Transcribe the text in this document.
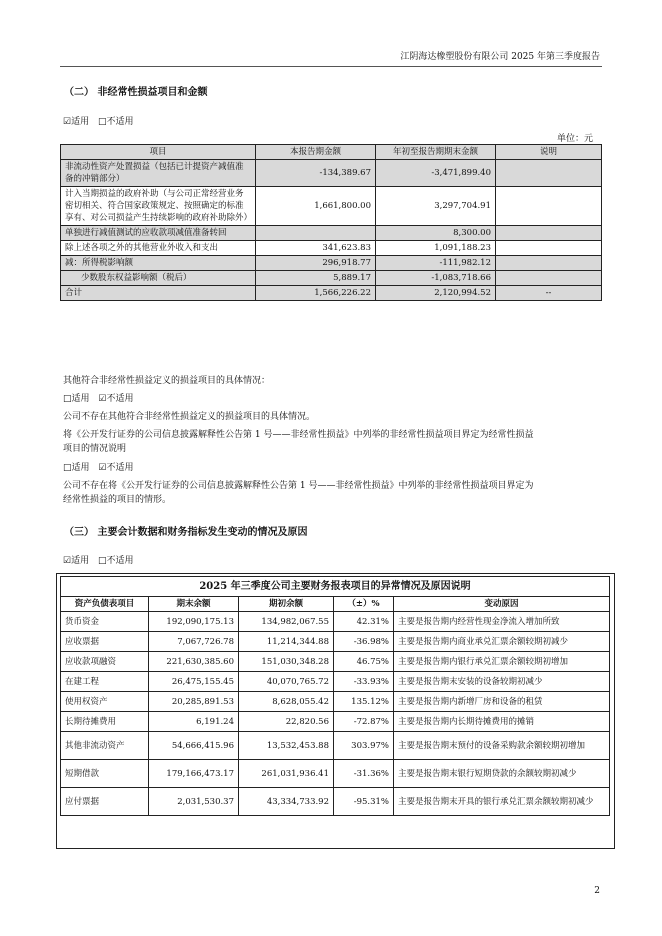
江阴海达橡塑股份有限公司 2025 年第三季度报告
（二） 非经常性损益项目和金额
☑适用 □不适用
单位：元
项目	本报告期金额	年初至报告期期末金额	说明
非流动性资产处置损益（包括已计提资产减值准备的冲销部分）	-134,389.67	-3,471,899.40	
计入当期损益的政府补助（与公司正常经营业务密切相关、符合国家政策规定、按照确定的标准享有、对公司损益产生持续影响的政府补助除外）	1,661,800.00	3,297,704.91	
单独进行减值测试的应收款项减值准备转回		8,300.00	
除上述各项之外的其他营业外收入和支出	341,623.83	1,091,188.23	
减：所得税影响额	296,918.77	-111,982.12	
少数股东权益影响额（税后）	5,889.17	-1,083,718.66	
合计	1,566,226.22	2,120,994.52	--
其他符合非经常性损益定义的损益项目的具体情况：
□适用 ☑不适用
公司不存在其他符合非经常性损益定义的损益项目的具体情况。
将《公开发行证券的公司信息披露解释性公告第 1 号——非经常性损益》中列举的非经常性损益项目界定为经常性损益
项目的情况说明
□适用 ☑不适用
公司不存在将《公开发行证券的公司信息披露解释性公告第 1 号——非经常性损益》中列举的非经常性损益项目界定为
经常性损益的项目的情形。
（三） 主要会计数据和财务指标发生变动的情况及原因
☑适用 □不适用
2025 年三季度公司主要财务报表项目的异常情况及原因说明				
资产负债表项目	期末余额	期初余额	（±）%	变动原因
货币资金	192,090,175.13	134,982,067.55	42.31%	主要是报告期内经营性现金净流入增加所致
应收票据	7,067,726.78	11,214,344.88	-36.98%	主要是报告期内商业承兑汇票余额较期初减少
应收款项融资	221,630,385.60	151,030,348.28	46.75%	主要是报告期内银行承兑汇票余额较期初增加
在建工程	26,475,155.45	40,070,765.72	-33.93%	主要是报告期末安装的设备较期初减少
使用权资产	20,285,891.53	8,628,055.42	135.12%	主要是报告期内新增厂房和设备的租赁
长期待摊费用	6,191.24	22,820.56	-72.87%	主要是报告期内长期待摊费用的摊销
其他非流动资产	54,666,415.96	13,532,453.88	303.97%	主要是报告期末预付的设备采购款余额较期初增加
短期借款	179,166,473.17	261,031,936.41	-31.36%	主要是报告期末银行短期贷款的余额较期初减少
应付票据	2,031,530.37	43,334,733.92	-95.31%	主要是报告期末开具的银行承兑汇票余额较期初减少
2
